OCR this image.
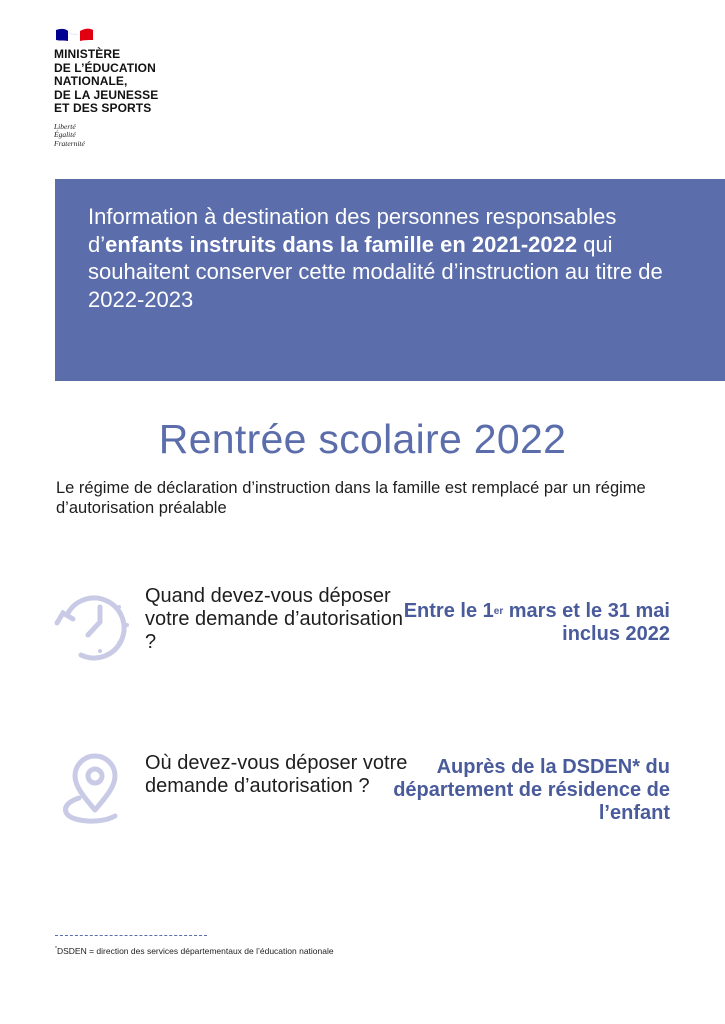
MINISTÈRE
DE L’ÉDUCATION
NATIONALE,
DE LA JEUNESSE
ET DES SPORTS
Liberté
Égalité
Fraternité
Information à destination des personnes responsables d’enfants instruits dans la famille en 2021-2022 qui souhaitent conserver cette modalité d’instruction au titre de 2022-2023
Rentrée scolaire 2022
Le régime de déclaration d’instruction dans la famille est remplacé par un régime d’autorisation préalable
Quand devez-vous déposer votre demande d’autorisation ?
Entre le 1er mars et le 31 mai inclus 2022
Où devez-vous déposer votre demande d’autorisation ?
Auprès de la DSDEN* du département de résidence de l’enfant
*DSDEN = direction des services départementaux de l’éducation nationale
